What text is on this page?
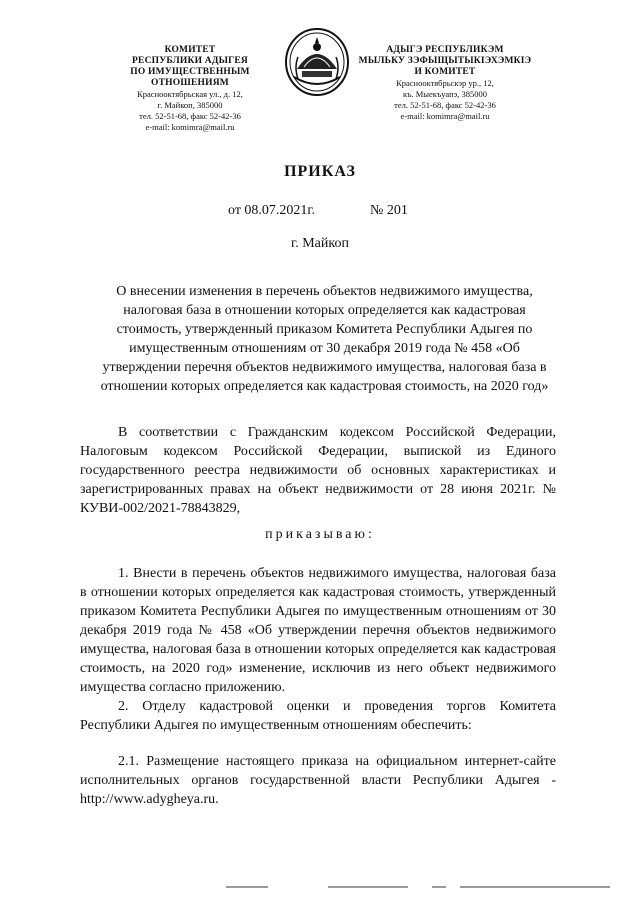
КОМИТЕТ
РЕСПУБЛИКИ АДЫГЕЯ
ПО ИМУЩЕСТВЕННЫМ ОТНОШЕНИЯМ
Краснооктябрьская ул., д. 12,
г. Майкоп, 385000
тел. 52-51-68, факс 52-42-36
e-mail: komimra@mail.ru
АДЫГЭ РЕСПУБЛИКЭМ
МЫЛЬКУ ЗЭФЫЩЫТЫКIЭХЭМКIЭ
И КОМИТЕТ
Краснооктябрьскэр ур., 12,
къ. Мыекъуапэ, 385000
тел. 52-51-68, факс 52-42-36
e-mail: komimra@mail.ru
ПРИКАЗ
от 08.07.2021г.	№ 201
г. Майкоп
О внесении изменения в перечень объектов недвижимого имущества, налоговая база в отношении которых определяется как кадастровая стоимость, утвержденный приказом Комитета Республики Адыгея по имущественным отношениям от 30 декабря 2019 года № 458 «Об утверждении перечня объектов недвижимого имущества, налоговая база в отношении которых определяется как кадастровая стоимость, на 2020 год»
В соответствии с Гражданским кодексом Российской Федерации, Налоговым кодексом Российской Федерации, выпиской из Единого государственного реестра недвижимости об основных характеристиках и зарегистрированных правах на объект недвижимости от 28 июня 2021г. № КУВИ-002/2021-78843829,
приказываю:
1. Внести в перечень объектов недвижимого имущества, налоговая база в отношении которых определяется как кадастровая стоимость, утвержденный приказом Комитета Республики Адыгея по имущественным отношениям от 30 декабря 2019 года № 458 «Об утверждении перечня объектов недвижимого имущества, налоговая база в отношении которых определяется как кадастровая стоимость, на 2020 год» изменение, исключив из него объект недвижимого имущества согласно приложению.
2. Отделу кадастровой оценки и проведения торгов Комитета Республики Адыгея по имущественным отношениям обеспечить:
2.1. Размещение настоящего приказа на официальном интернет-сайте исполнительных органов государственной власти Республики Адыгея - http://www.adygheya.ru.
